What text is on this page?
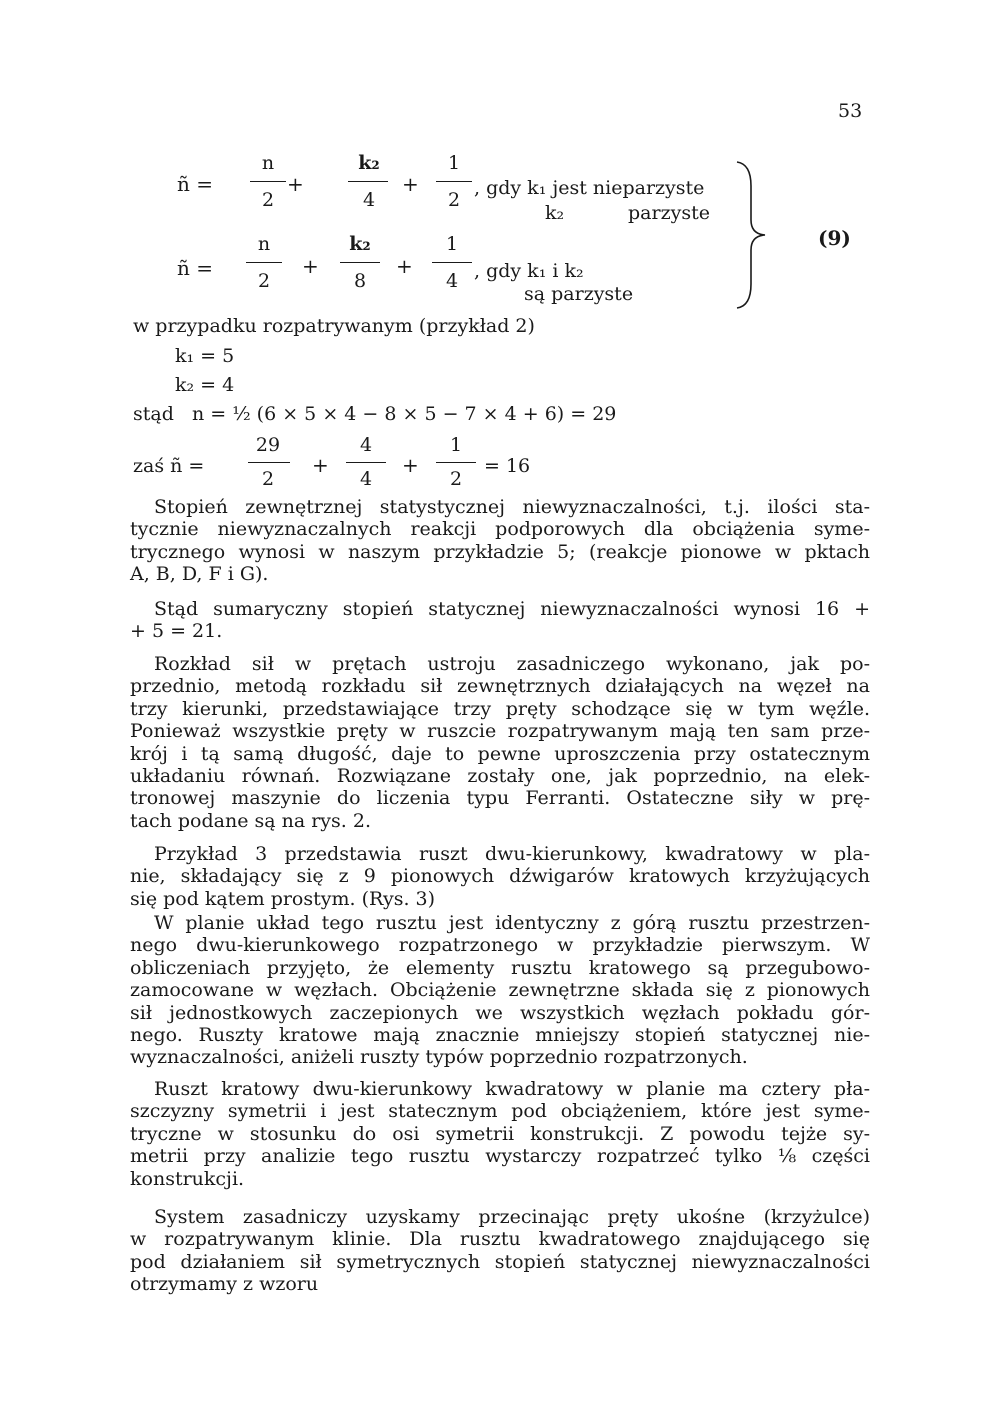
53
ñ =
n
2
+
k₂
4
+
1
2
, gdy k₁ jest nieparzyste
k₂	parzyste
ñ =
n
2
+
k₂
8
+
1
4 , gdy k₁ i k₂
są parzyste
(9)
w przypadku rozpatrywanym (przykład 2)
k₁ = 5
k₂ = 4
stąd   n = ½ (6 × 5 × 4 − 8 × 5 − 7 × 4 + 6) = 29
zaś ñ =
29
2
+
4
4
+
1
2
= 16
Stopień zewnętrznej statystycznej niewyznaczalności, t.j. ilości sta-
tycznie niewyznaczalnych reakcji podporowych dla obciążenia syme-
trycznego wynosi w naszym przykładzie 5; (reakcje pionowe w pktach
A, B, D, F i G).
Stąd sumaryczny stopień statycznej niewyznaczalności wynosi 16 +
+ 5 = 21.
Rozkład sił w prętach ustroju zasadniczego wykonano, jak po-
przednio, metodą rozkładu sił zewnętrznych działających na węzeł na
trzy kierunki, przedstawiające trzy pręty schodzące się w tym węźle.
Ponieważ wszystkie pręty w ruszcie rozpatrywanym mają ten sam prze-
krój i tą samą długość, daje to pewne uproszczenia przy ostatecznym
układaniu równań. Rozwiązane zostały one, jak poprzednio, na elek-
tronowej maszynie do liczenia typu Ferranti. Ostateczne siły w prę-
tach podane są na rys. 2.
Przykład 3 przedstawia ruszt dwu-kierunkowy, kwadratowy w pla-
nie, składający się z 9 pionowych dźwigarów kratowych krzyżujących
się pod kątem prostym. (Rys. 3)
W planie układ tego rusztu jest identyczny z górą rusztu przestrzen-
nego dwu-kierunkowego rozpatrzonego w przykładzie pierwszym. W
obliczeniach przyjęto, że elementy rusztu kratowego są przegubowo-
zamocowane w węzłach. Obciążenie zewnętrzne składa się z pionowych
sił jednostkowych zaczepionych we wszystkich węzłach pokładu gór-
nego. Ruszty kratowe mają znacznie mniejszy stopień statycznej nie-
wyznaczalności, aniżeli ruszty typów poprzednio rozpatrzonych.
Ruszt kratowy dwu-kierunkowy kwadratowy w planie ma cztery pła-
szczyzny symetrii i jest statecznym pod obciążeniem, które jest syme-
tryczne w stosunku do osi symetrii konstrukcji. Z powodu tejże sy-
metrii przy analizie tego rusztu wystarczy rozpatrzeć tylko ⅛ części
konstrukcji.
System zasadniczy uzyskamy przecinając pręty ukośne (krzyżulce)
w rozpatrywanym klinie. Dla rusztu kwadratowego znajdującego się
pod działaniem sił symetrycznych stopień statycznej niewyznaczalności
otrzymamy z wzoru
